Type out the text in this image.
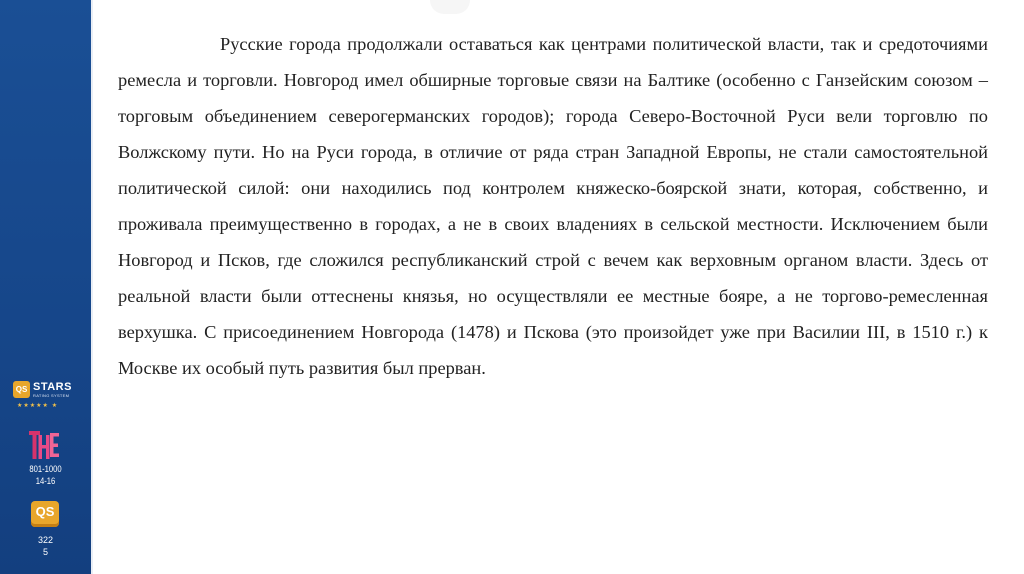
QS STARS
RATING SYSTEM
★★★★★ ★
801-1000
14-16
QS
322
5

Русские города продолжали оставаться как центрами политической власти, так и средоточиями ремесла и торговли. Новгород имел обширные торговые связи на Балтике (особенно с Ганзейским союзом – торговым объединением северогерманских городов); города Северо-Восточной Руси вели торговлю по Волжскому пути. Но на Руси города, в отличие от ряда стран Западной Европы, не стали самостоятельной политической силой: они находились под контролем княжеско-боярской знати, которая, собственно, и проживала преимущественно в городах, а не в своих владениях в сельской местности. Исключением были Новгород и Псков, где сложился республиканский строй с вечем как верховным органом власти. Здесь от реальной власти были оттеснены князья, но осуществляли ее местные бояре, а не торгово-ремесленная верхушка. С присоединением Новгорода (1478) и Пскова (это произойдет уже при Василии III, в 1510 г.) к Москве их особый путь развития был прерван.
